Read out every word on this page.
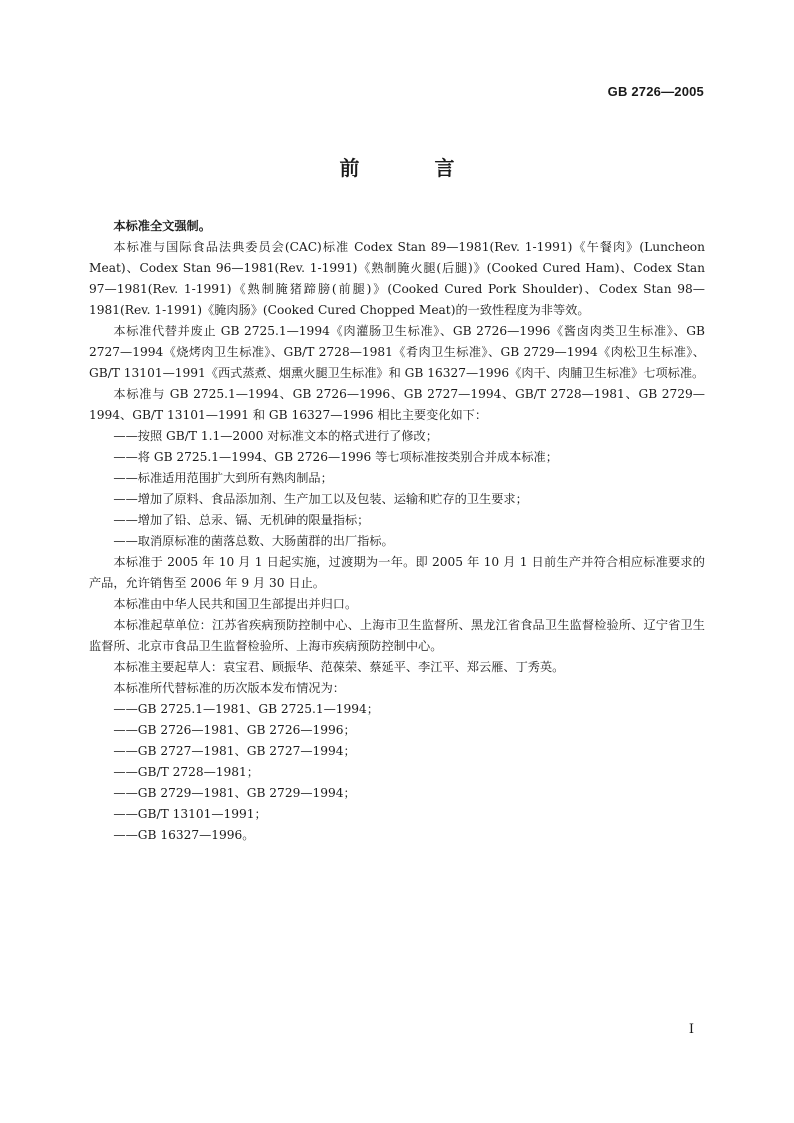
GB 2726—2005
前 言

本标准全文强制。

本标准与国际食品法典委员会(CAC)标准 Codex Stan 89—1981(Rev. 1-1991)《午餐肉》(Luncheon Meat)、Codex Stan 96—1981(Rev. 1-1991)《熟制腌火腿(后腿)》(Cooked Cured Ham)、Codex Stan 97—1981(Rev. 1-1991)《熟制腌猪蹄膀(前腿)》(Cooked Cured Pork Shoulder)、Codex Stan 98—1981(Rev. 1-1991)《腌肉肠》(Cooked Cured Chopped Meat)的一致性程度为非等效。

本标准代替并废止 GB 2725.1—1994《肉灌肠卫生标准》、GB 2726—1996《酱卤肉类卫生标准》、GB 2727—1994《烧烤肉卫生标准》、GB/T 2728—1981《肴肉卫生标准》、GB 2729—1994《肉松卫生标准》、GB/T 13101—1991《西式蒸煮、烟熏火腿卫生标准》和 GB 16327—1996《肉干、肉脯卫生标准》七项标准。

本标准与 GB 2725.1—1994、GB 2726—1996、GB 2727—1994、GB/T 2728—1981、GB 2729—1994、GB/T 13101—1991 和 GB 16327—1996 相比主要变化如下：

——按照 GB/T 1.1—2000 对标准文本的格式进行了修改；

——将 GB 2725.1—1994、GB 2726—1996 等七项标准按类别合并成本标准；

——标准适用范围扩大到所有熟肉制品；

——增加了原料、食品添加剂、生产加工以及包装、运输和贮存的卫生要求；

——增加了铅、总汞、镉、无机砷的限量指标；

——取消原标准的菌落总数、大肠菌群的出厂指标。

本标准于 2005 年 10 月 1 日起实施，过渡期为一年。即 2005 年 10 月 1 日前生产并符合相应标准要求的产品，允许销售至 2006 年 9 月 30 日止。

本标准由中华人民共和国卫生部提出并归口。

本标准起草单位：江苏省疾病预防控制中心、上海市卫生监督所、黑龙江省食品卫生监督检验所、辽宁省卫生监督所、北京市食品卫生监督检验所、上海市疾病预防控制中心。

本标准主要起草人：袁宝君、顾振华、范葆荣、蔡延平、李江平、郑云雁、丁秀英。

本标准所代替标准的历次版本发布情况为：

——GB 2725.1—1981、GB 2725.1—1994；

——GB 2726—1981、GB 2726—1996；

——GB 2727—1981、GB 2727—1994；

——GB/T 2728—1981；

——GB 2729—1981、GB 2729—1994；

——GB/T 13101—1991；

——GB 16327—1996。

I
